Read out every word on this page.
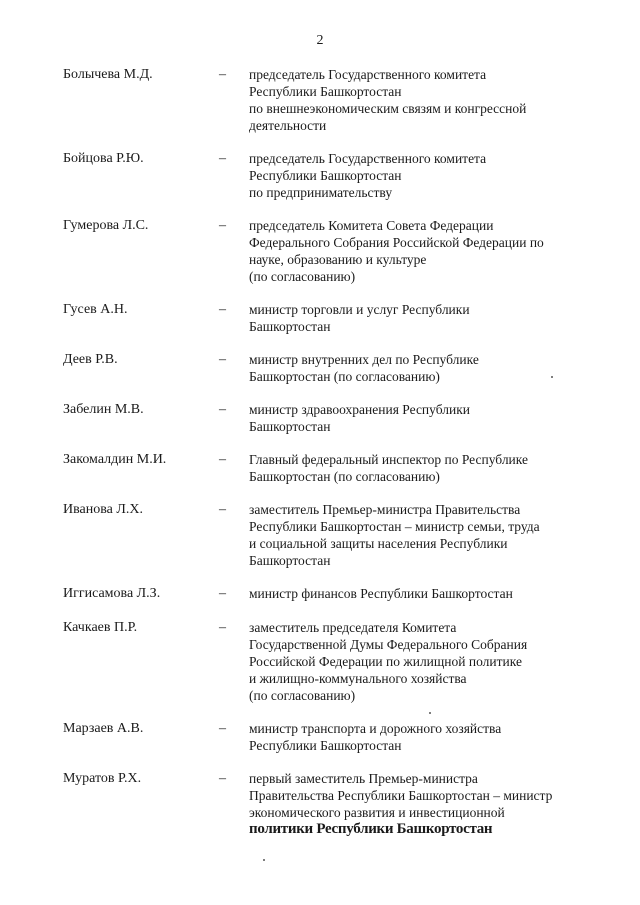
2
Болычева М.Д.	– председатель Государственного комитета
Республики Башкортостан
по внешнеэкономическим связям и конгрессной
деятельности
Бойцова Р.Ю.	– председатель Государственного комитета
Республики Башкортостан
по предпринимательству
Гумерова Л.С.	– председатель Комитета Совета Федерации
Федерального Собрания Российской Федерации по
науке, образованию и культуре
(по согласованию)
Гусев А.Н.	– министр торговли и услуг Республики
Башкортостан
Деев Р.В.	– министр внутренних дел по Республике
Башкортостан (по согласованию)
Забелин М.В.	– министр здравоохранения Республики
Башкортостан
Закомалдин М.И.	– Главный федеральный инспектор по Республике
Башкортостан (по согласованию)
Иванова Л.Х.	– заместитель Премьер-министра Правительства
Республики Башкортостан – министр семьи, труда
и социальной защиты населения Республики
Башкортостан
Иггисамова Л.З.	– министр финансов Республики Башкортостан
Качкаев П.Р.	– заместитель председателя Комитета
Государственной Думы Федерального Собрания
Российской Федерации по жилищной политике
и жилищно-коммунального хозяйства
(по согласованию)
Марзаев А.В.	– министр транспорта и дорожного хозяйства
Республики Башкортостан
Муратов Р.Х.	– первый заместитель Премьер-министра
Правительства Республики Башкортостан – министр
экономического развития и инвестиционной
политики Республики Башкортостан
